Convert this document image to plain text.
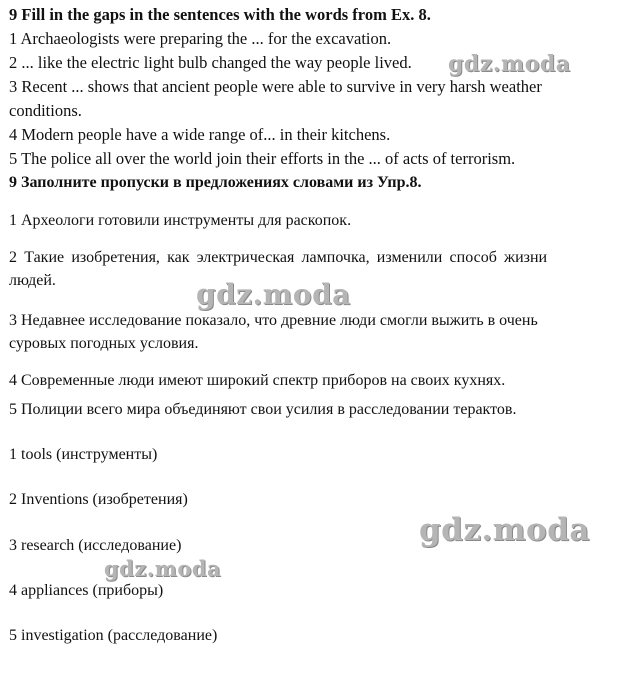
9 Fill in the gaps in the sentences with the words from Ex. 8.
1 Archaeologists were preparing the ... for the excavation.
2 ... like the electric light bulb changed the way people lived.
3 Recent ... shows that ancient people were able to survive in very harsh weather
conditions.
4 Modern people have a wide range of... in their kitchens.
5 The police all over the world join their efforts in the ... of acts of terrorism.
9 Заполните пропуски в предложениях словами из Упр.8.
1 Археологи готовили инструменты для раскопок.
2 Такие изобретения, как электрическая лампочка, изменили способ жизни
людей.
3 Недавнее исследование показало, что древние люди смогли выжить в очень
суровых погодных условия.
4 Современные люди имеют широкий спектр приборов на своих кухнях.
5 Полиции всего мира объединяют свои усилия в расследовании терактов.
1 tools (инструменты)
2 Inventions (изобретения)
3 research (исследование)
4 appliances (приборы)
5 investigation (расследование)
gdz.moda
gdz.moda
gdz.moda
gdz.moda
